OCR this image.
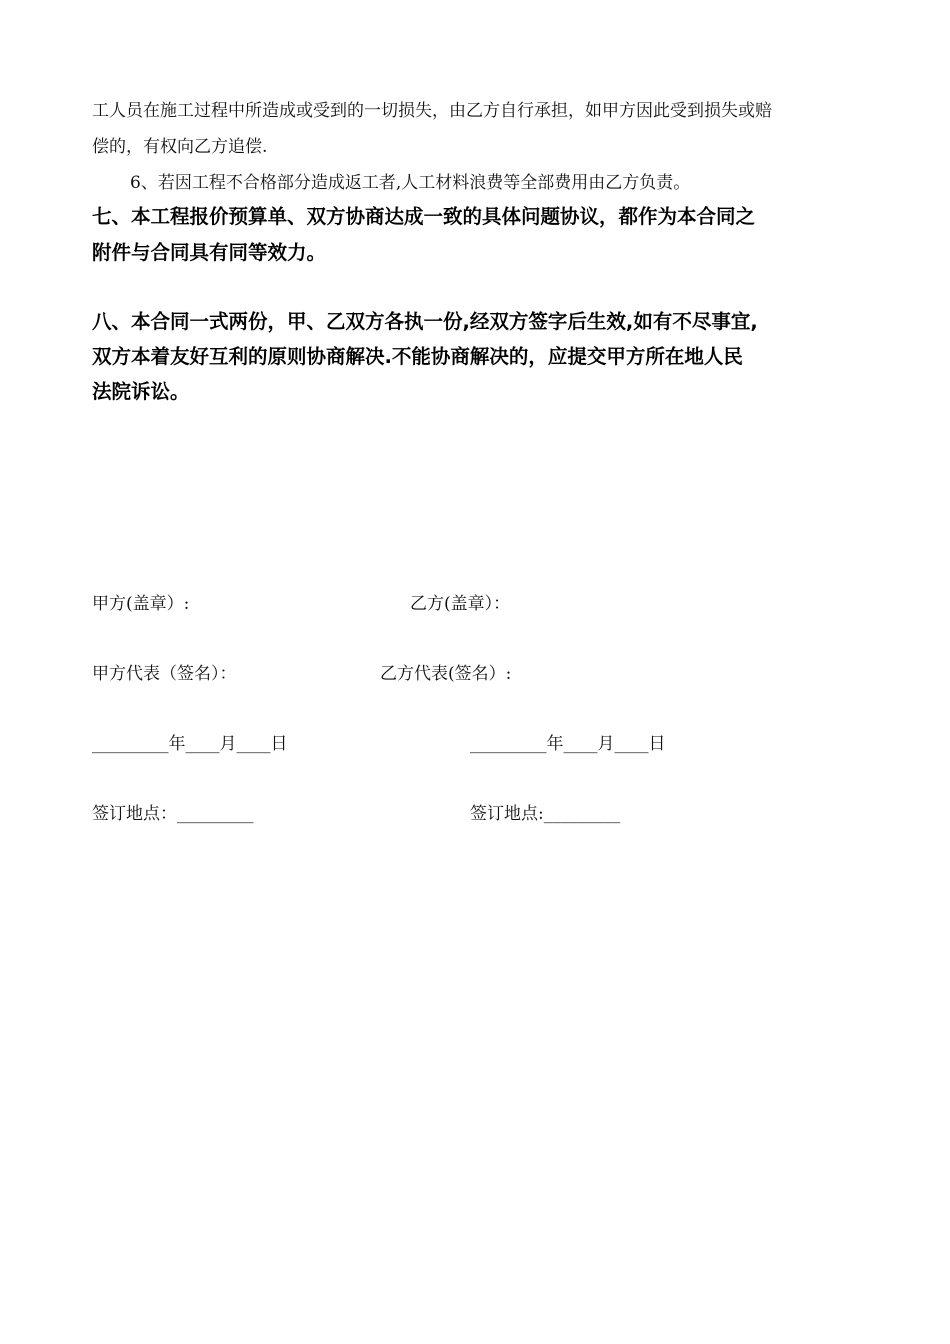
工人员在施工过程中所造成或受到的一切损失，由乙方自行承担，如甲方因此受到损失或赔
偿的，有权向乙方追偿.
6、若因工程不合格部分造成返工者,人工材料浪费等全部费用由乙方负责。
七、本工程报价预算单、双方协商达成一致的具体问题协议，都作为本合同之
附件与合同具有同等效力。
八、本合同一式两份，甲、乙双方各执一份,经双方签字后生效,如有不尽事宜,
双方本着友好互利的原则协商解决.不能协商解决的，应提交甲方所在地人民
法院诉讼。
甲方(盖章）:	乙方(盖章）：
甲方代表（签名）：	乙方代表(签名）:
_________年____月____日	_________年____月____日
签订地点：_________	签订地点:_________
